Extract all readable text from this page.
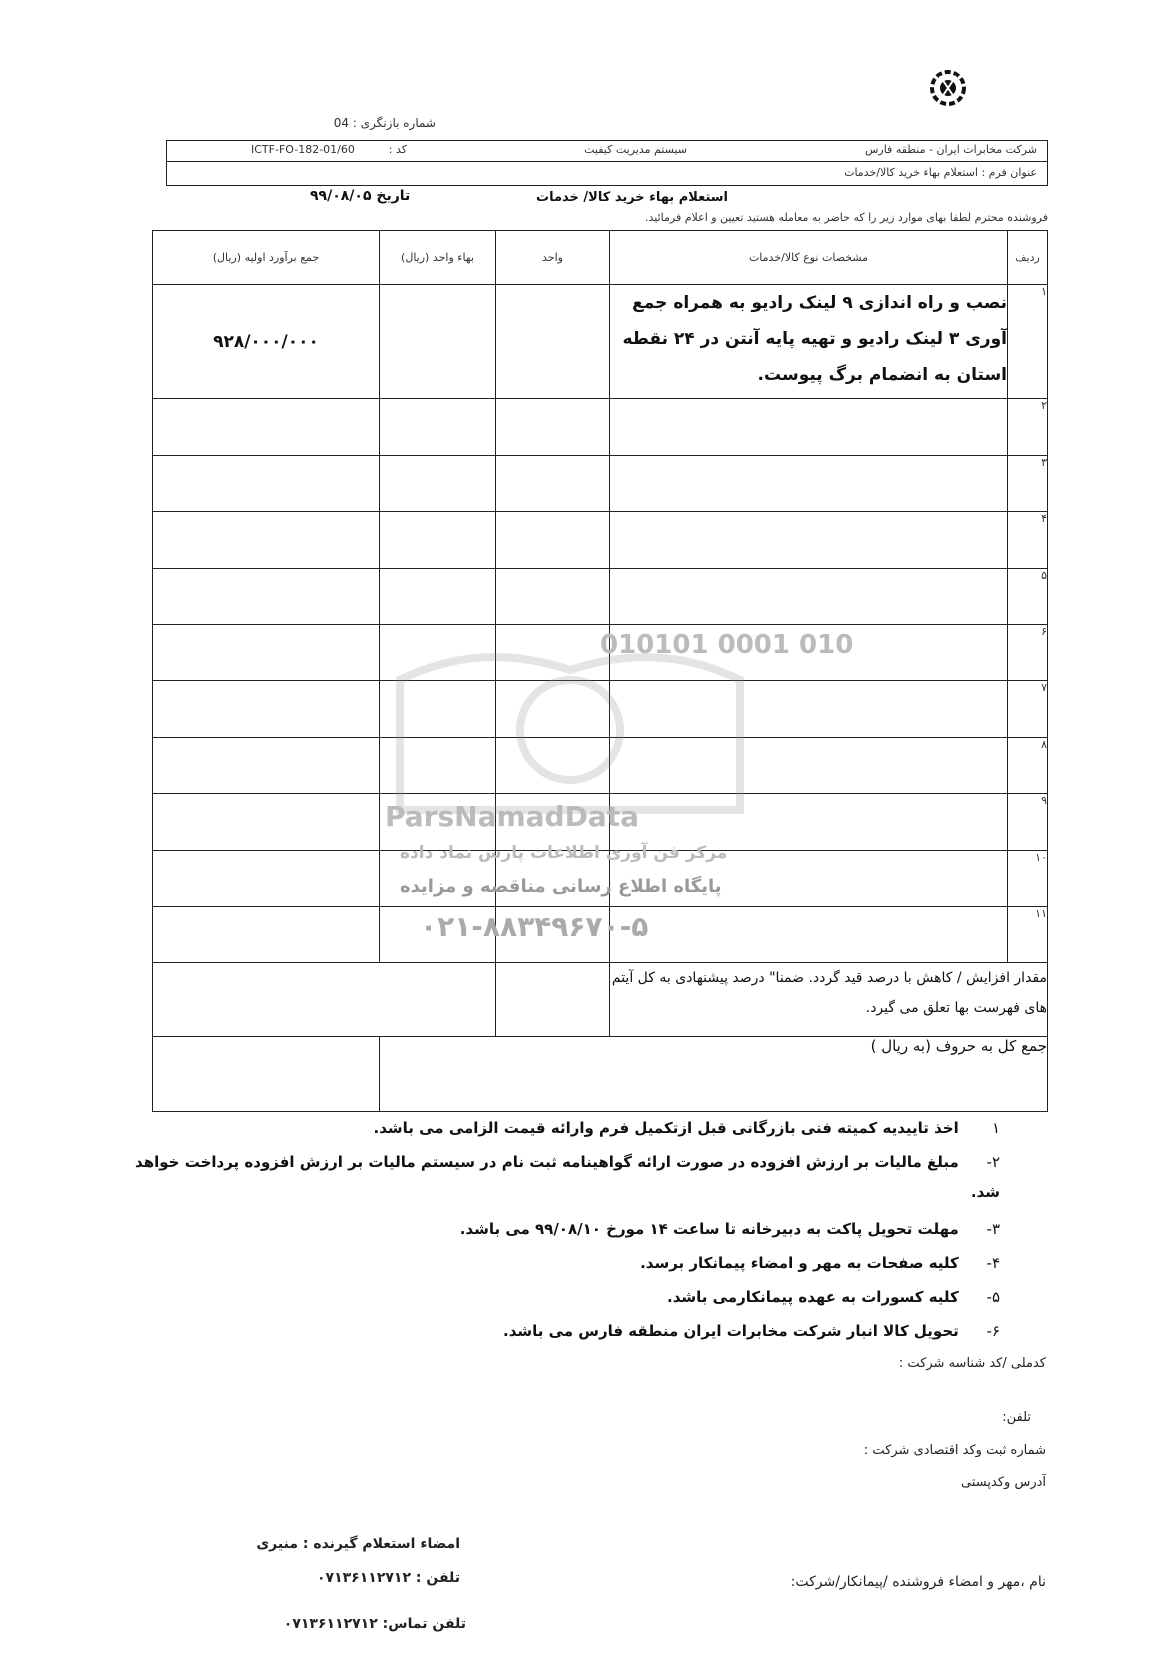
شماره بازنگری : 04
شرکت مخابرات ایران - منطقه فارس
سیستم مدیریت کیفیت
کد :
ICTF-FO-182-01/60
عنوان فرم : استعلام بهاء خرید کالا/خدمات
استعلام بهاء خرید کالا/ خدمات
تاریخ ۹۹/۰۸/۰۵
فروشنده محترم لطفا بهای موارد زیر را که حاضر به معامله هستید تعیین و اعلام فرمائید.
ردیف	مشخصات نوع کالا/خدمات	واحد	بهاء واحد (ریال)	جمع برآورد اولیه (ریال)
۱	نصب و راه اندازی ۹ لینک رادیو به همراه جمع آوری ۳ لینک رادیو و تهیه پایه آنتن در ۲۴ نقطه استان به انضمام برگ پیوست.			۹۲۸/۰۰۰/۰۰۰
۲				
۳				
۴				
۵				
۶				
۷				
۸				
۹				
۱۰				
۱۱				
مقدار افزایش / کاهش با درصد قید گردد. ضمنا" درصد پیشنهادی به کل آیتم های فهرست بها تعلق می گیرد.				
جمع کل به حروف (به ریال )				
010101 0001 010
ParsNamadData
مرکز فن آوری اطلاعات پارس نماد داده
پایگاه اطلاع رسانی مناقصه و مزایده
۰۲۱-۸۸۳۴۹۶۷۰-۵
۱ اخذ تاییدیه کمیته فنی بازرگانی قبل ازتکمیل فرم وارائه قیمت الزامی می باشد.
۲- مبلغ مالیات بر ارزش افزوده در صورت ارائه گواهینامه ثبت نام در سیستم مالیات بر ارزش افزوده پرداخت خواهد شد.
۳- مهلت تحویل پاکت به دبیرخانه تا ساعت ۱۴ مورخ ۹۹/۰۸/۱۰ می باشد.
۴- کلیه صفحات به مهر و امضاء پیمانکار برسد.
۵- کلیه کسورات به عهده پیمانکارمی باشد.
۶- تحویل کالا انبار شرکت مخابرات ایران منطقه فارس می باشد.
کدملی /کد شناسه شرکت :
تلفن:
شماره ثبت وکد اقتصادی شرکت :
آدرس وکدپستی
امضاء استعلام گیرنده : منیری
تلفن : ۰۷۱۳۶۱۱۲۷۱۲
تلفن تماس: ۰۷۱۳۶۱۱۲۷۱۲
نام ،مهر و امضاء فروشنده /پیمانکار/شرکت:
